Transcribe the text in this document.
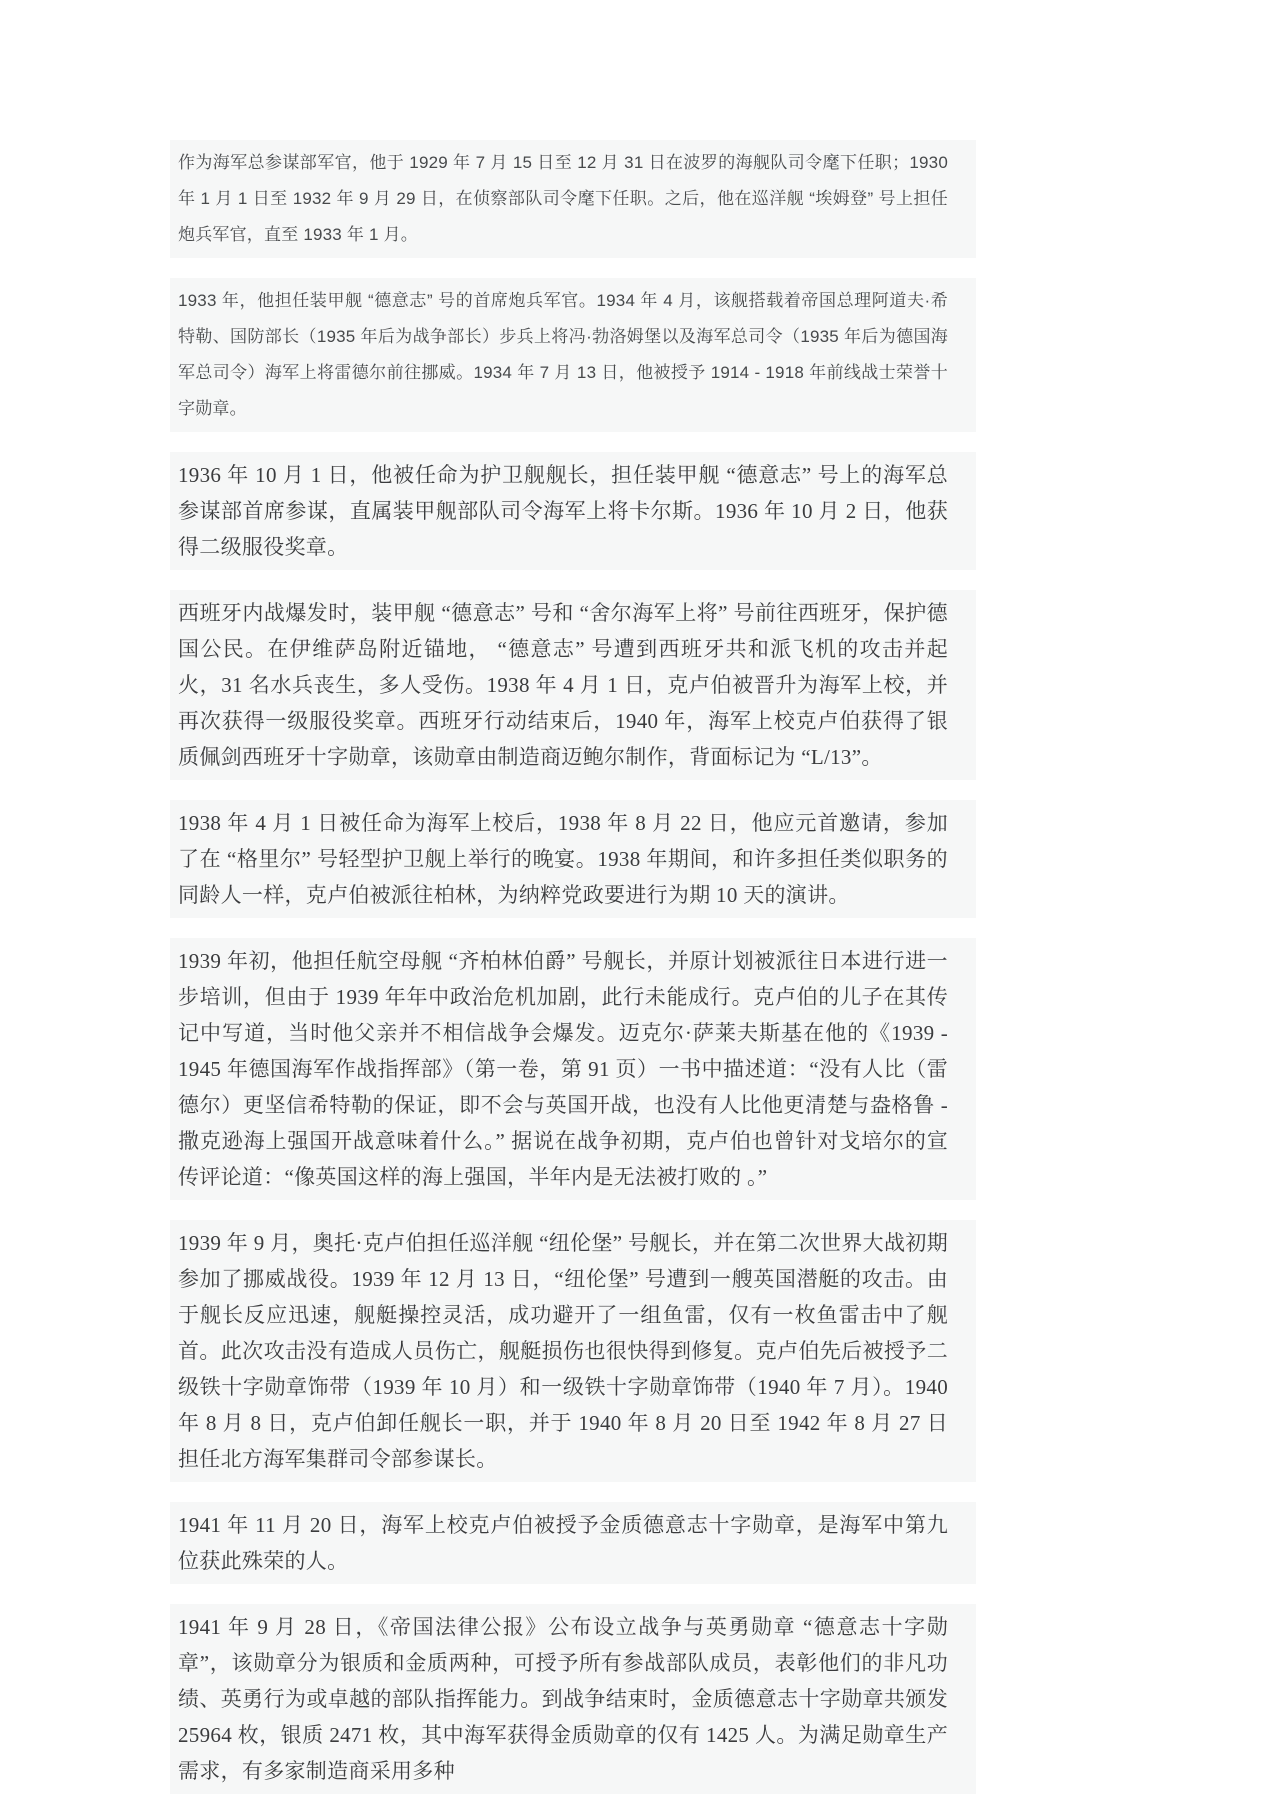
作为海军总参谋部军官，他于 1929 年 7 月 15 日至 12 月 31 日在波罗的海舰队司令麾下任职；1930 年 1 月 1 日至 1932 年 9 月 29 日，在侦察部队司令麾下任职。之后，他在巡洋舰 “埃姆登” 号上担任炮兵军官，直至 1933 年 1 月。

1933 年，他担任装甲舰 “德意志” 号的首席炮兵军官。1934 年 4 月，该舰搭载着帝国总理阿道夫·希特勒、国防部长（1935 年后为战争部长）步兵上将冯·勃洛姆堡以及海军总司令（1935 年后为德国海军总司令）海军上将雷德尔前往挪威。1934 年 7 月 13 日，他被授予 1914 - 1918 年前线战士荣誉十字勋章。

1936 年 10 月 1 日，他被任命为护卫舰舰长，担任装甲舰 “德意志” 号上的海军总参谋部首席参谋，直属装甲舰部队司令海军上将卡尔斯。1936 年 10 月 2 日，他获得二级服役奖章。

西班牙内战爆发时，装甲舰 “德意志” 号和 “舍尔海军上将” 号前往西班牙，保护德国公民。在伊维萨岛附近锚地， “德意志” 号遭到西班牙共和派飞机的攻击并起火，31 名水兵丧生，多人受伤。1938 年 4 月 1 日，克卢伯被晋升为海军上校，并再次获得一级服役奖章。西班牙行动结束后，1940 年，海军上校克卢伯获得了银质佩剑西班牙十字勋章，该勋章由制造商迈鲍尔制作，背面标记为 “L/13”。

1938 年 4 月 1 日被任命为海军上校后，1938 年 8 月 22 日，他应元首邀请，参加了在 “格里尔” 号轻型护卫舰上举行的晚宴。1938 年期间，和许多担任类似职务的同龄人一样，克卢伯被派往柏林，为纳粹党政要进行为期 10 天的演讲。

1939 年初，他担任航空母舰 “齐柏林伯爵” 号舰长，并原计划被派往日本进行进一步培训，但由于 1939 年年中政治危机加剧，此行未能成行。克卢伯的儿子在其传记中写道，当时他父亲并不相信战争会爆发。迈克尔·萨莱夫斯基在他的《1939 - 1945 年德国海军作战指挥部》（第一卷，第 91 页）一书中描述道：“没有人比（雷德尔）更坚信希特勒的保证，即不会与英国开战，也没有人比他更清楚与盎格鲁 - 撒克逊海上强国开战意味着什么。” 据说在战争初期，克卢伯也曾针对戈培尔的宣传评论道：“像英国这样的海上强国，半年内是无法被打败的 。”

1939 年 9 月，奥托·克卢伯担任巡洋舰 “纽伦堡” 号舰长，并在第二次世界大战初期参加了挪威战役。1939 年 12 月 13 日，“纽伦堡” 号遭到一艘英国潜艇的攻击。由于舰长反应迅速，舰艇操控灵活，成功避开了一组鱼雷，仅有一枚鱼雷击中了舰首。此次攻击没有造成人员伤亡，舰艇损伤也很快得到修复。克卢伯先后被授予二级铁十字勋章饰带（1939 年 10 月）和一级铁十字勋章饰带（1940 年 7 月）。1940 年 8 月 8 日，克卢伯卸任舰长一职，并于 1940 年 8 月 20 日至 1942 年 8 月 27 日担任北方海军集群司令部参谋长。

1941 年 11 月 20 日，海军上校克卢伯被授予金质德意志十字勋章，是海军中第九位获此殊荣的人。

1941 年 9 月 28 日，《帝国法律公报》公布设立战争与英勇勋章 “德意志十字勋章”，该勋章分为银质和金质两种，可授予所有参战部队成员，表彰他们的非凡功绩、英勇行为或卓越的部队指挥能力。到战争结束时，金质德意志十字勋章共颁发 25964 枚，银质 2471 枚，其中海军获得金质勋章的仅有 1425 人。为满足勋章生产需求，有多家制造商采用多种
